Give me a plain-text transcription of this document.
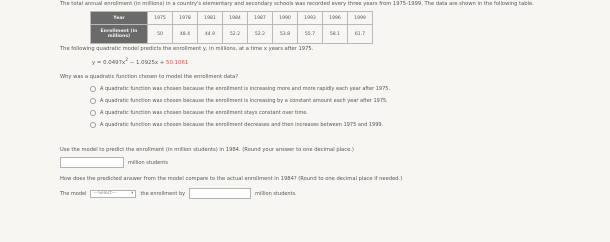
The total annual enrollment (in millions) in a country's elementary and secondary schools was recorded every three years from 1975-1999. The data are shown in the following table.
Year	1975	1978	1981	1984	1987	1990	1993	1996	1999
Enrollment (in millions)	50	48.4	44.9	52.2	52.2	53.8	55.7	58.1	61.7
The following quadratic model predicts the enrollment y, in millions, at a time x years after 1975.
$y = 0.0497x^2 - 1.0925x + 50.1061$
Why was a quadratic function chosen to model the enrollment data?
A quadratic function was chosen because the enrollment is increasing more and more rapidly each year after 1975.
A quadratic function was chosen because the enrollment is increasing by a constant amount each year after 1975.
A quadratic function was chosen because the enrollment stays constant over time.
A quadratic function was chosen because the enrollment decreases and then increases between 1975 and 1999.
Use the model to predict the enrollment (in million students) in 1984. (Round your answer to one decimal place.)
million students
How does the predicted answer from the model compare to the actual enrollment in 1984? (Round to one decimal place if needed.)
The model ---Select---	▾ the enrollment by	million students.
